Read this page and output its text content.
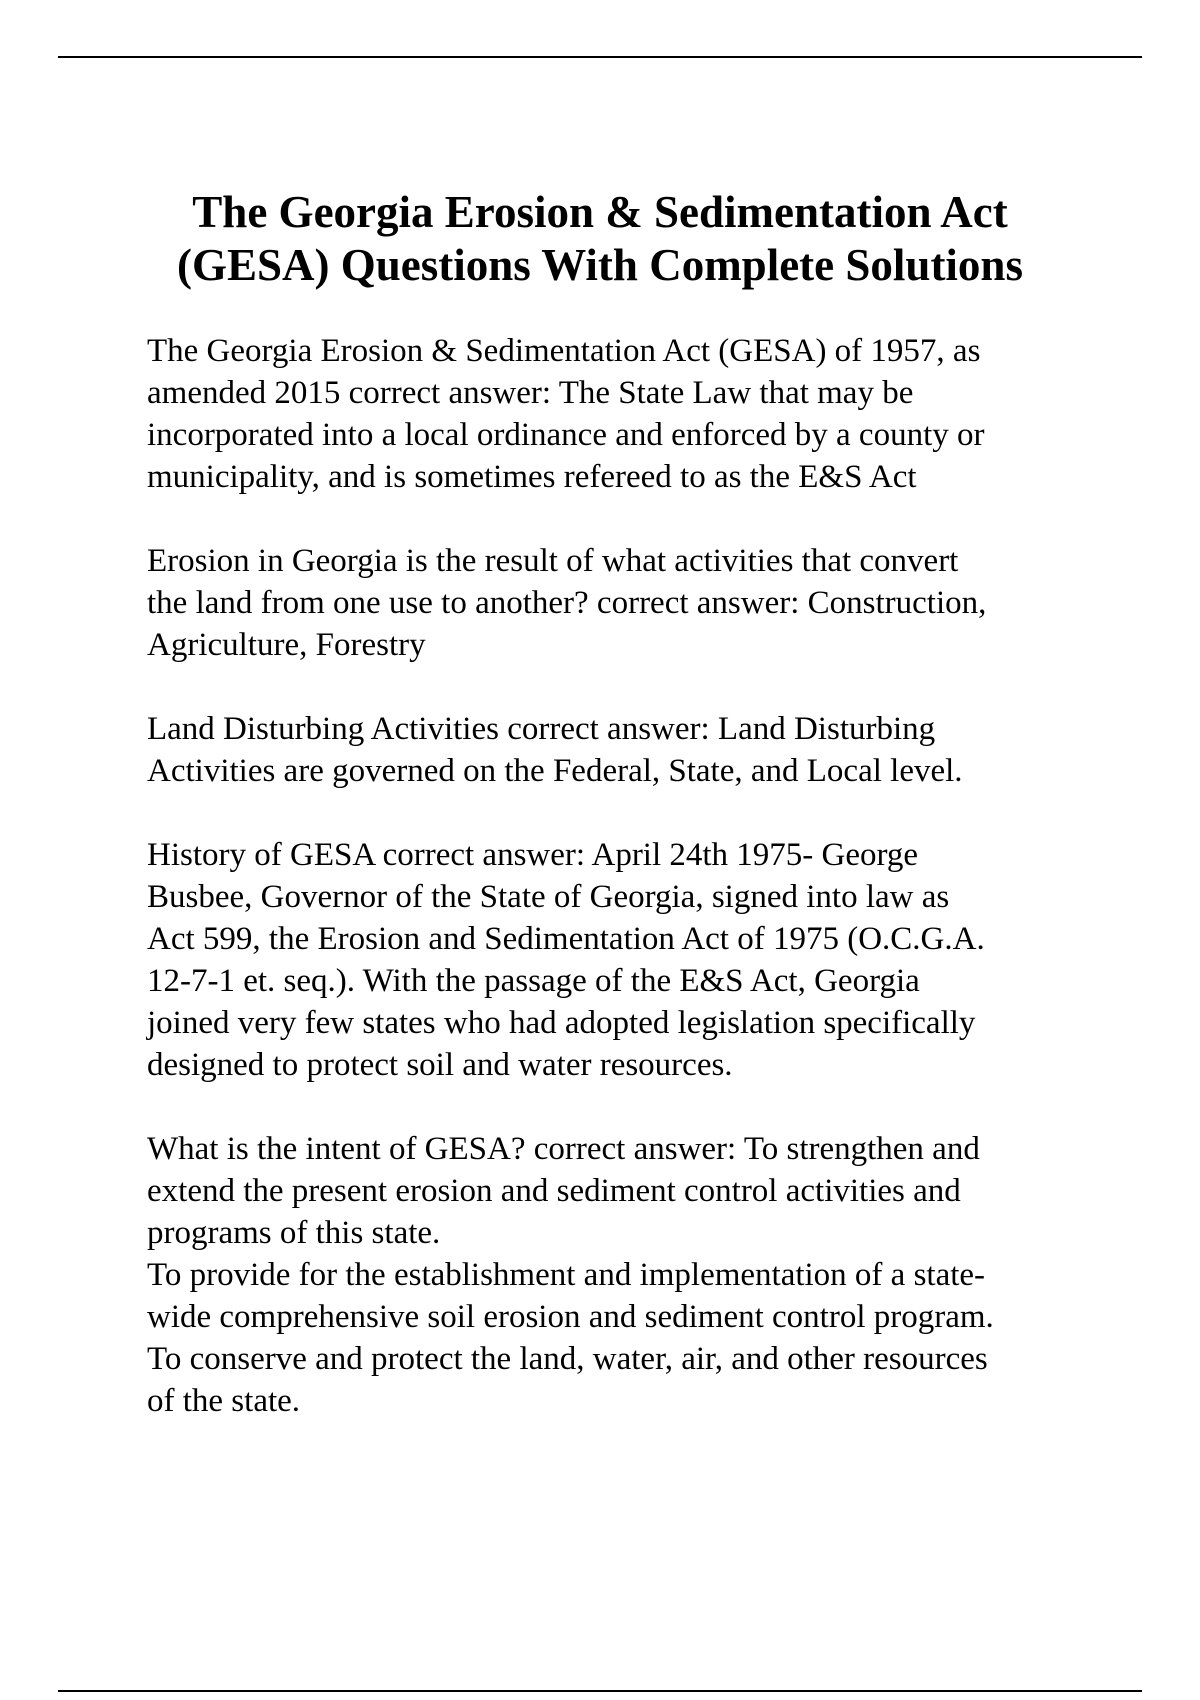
The Georgia Erosion & Sedimentation Act
(GESA) Questions With Complete Solutions

The Georgia Erosion & Sedimentation Act (GESA) of 1957, as
amended 2015 correct answer: The State Law that may be
incorporated into a local ordinance and enforced by a county or
municipality, and is sometimes refereed to as the E&S Act

Erosion in Georgia is the result of what activities that convert
the land from one use to another? correct answer: Construction,
Agriculture, Forestry

Land Disturbing Activities correct answer: Land Disturbing
Activities are governed on the Federal, State, and Local level.

History of GESA correct answer: April 24th 1975- George
Busbee, Governor of the State of Georgia, signed into law as
Act 599, the Erosion and Sedimentation Act of 1975 (O.C.G.A.
12-7-1 et. seq.). With the passage of the E&S Act, Georgia
joined very few states who had adopted legislation specifically
designed to protect soil and water resources.

What is the intent of GESA? correct answer: To strengthen and
extend the present erosion and sediment control activities and
programs of this state.
To provide for the establishment and implementation of a state-
wide comprehensive soil erosion and sediment control program.
To conserve and protect the land, water, air, and other resources
of the state.
